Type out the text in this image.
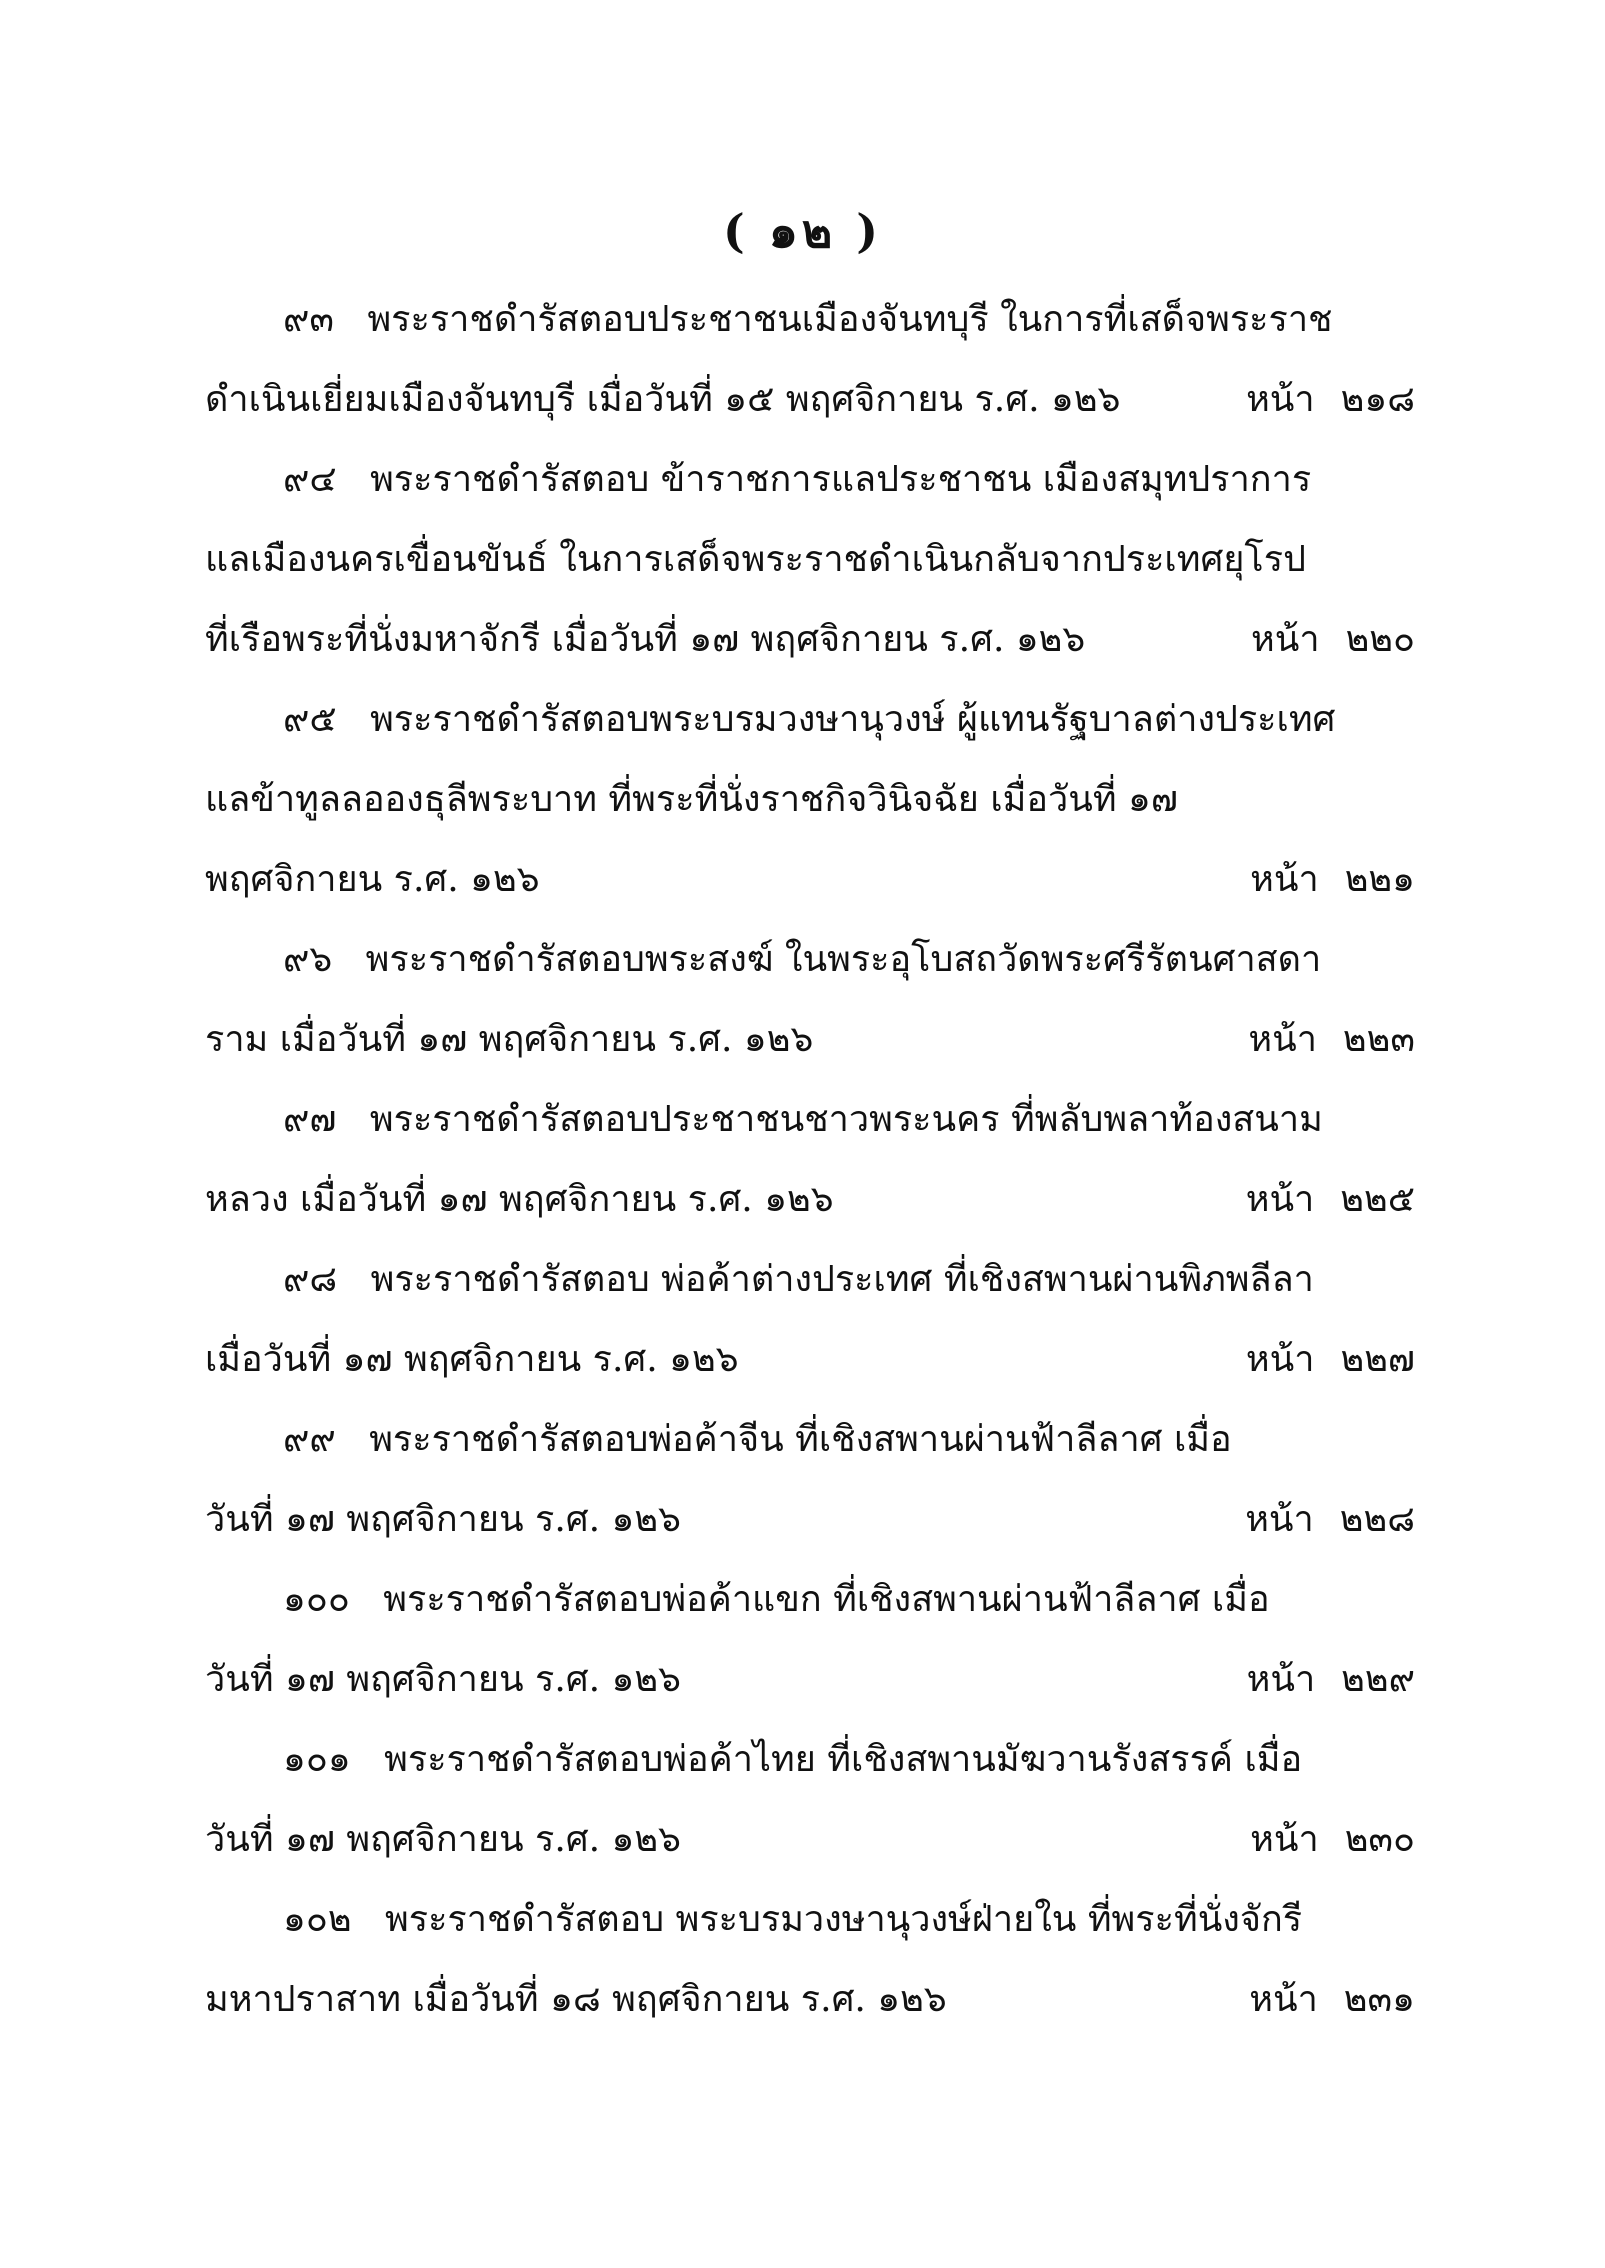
( ๑๒ )
๙๓ พระราชดำรัสตอบประชาชนเมืองจันทบุรี ในการที่เสด็จพระราช
ดำเนินเยี่ยมเมืองจันทบุรี เมื่อวันที่ ๑๕ พฤศจิกายน ร.ศ. ๑๒๖	หน้า ๒๑๘
๙๔ พระราชดำรัสตอบ ข้าราชการแลประชาชน เมืองสมุทปราการ
แลเมืองนครเขื่อนขันธ์ ในการเสด็จพระราชดำเนินกลับจากประเทศยุโรป
ที่เรือพระที่นั่งมหาจักรี เมื่อวันที่ ๑๗ พฤศจิกายน ร.ศ. ๑๒๖	หน้า ๒๒๐
๙๕ พระราชดำรัสตอบพระบรมวงษานุวงษ์ ผู้แทนรัฐบาลต่างประเทศ
แลข้าทูลลอองธุลีพระบาท ที่พระที่นั่งราชกิจวินิจฉัย เมื่อวันที่ ๑๗
พฤศจิกายน ร.ศ. ๑๒๖	หน้า ๒๒๑
๙๖ พระราชดำรัสตอบพระสงฆ์ ในพระอุโบสถวัดพระศรีรัตนศาสดา
ราม เมื่อวันที่ ๑๗ พฤศจิกายน ร.ศ. ๑๒๖	หน้า ๒๒๓
๙๗ พระราชดำรัสตอบประชาชนชาวพระนคร ที่พลับพลาท้องสนาม
หลวง เมื่อวันที่ ๑๗ พฤศจิกายน ร.ศ. ๑๒๖	หน้า ๒๒๕
๙๘ พระราชดำรัสตอบ พ่อค้าต่างประเทศ ที่เชิงสพานผ่านพิภพลีลา
เมื่อวันที่ ๑๗ พฤศจิกายน ร.ศ. ๑๒๖	หน้า ๒๒๗
๙๙ พระราชดำรัสตอบพ่อค้าจีน ที่เชิงสพานผ่านฟ้าลีลาศ เมื่อ
วันที่ ๑๗ พฤศจิกายน ร.ศ. ๑๒๖	หน้า ๒๒๘
๑๐๐ พระราชดำรัสตอบพ่อค้าแขก ที่เชิงสพานผ่านฟ้าลีลาศ เมื่อ
วันที่ ๑๗ พฤศจิกายน ร.ศ. ๑๒๖	หน้า ๒๒๙
๑๐๑ พระราชดำรัสตอบพ่อค้าไทย ที่เชิงสพานมัฆวานรังสรรค์ เมื่อ
วันที่ ๑๗ พฤศจิกายน ร.ศ. ๑๒๖	หน้า ๒๓๐
๑๐๒ พระราชดำรัสตอบ พระบรมวงษานุวงษ์ฝ่ายใน ที่พระที่นั่งจักรี
มหาปราสาท เมื่อวันที่ ๑๘ พฤศจิกายน ร.ศ. ๑๒๖	หน้า ๒๓๑
